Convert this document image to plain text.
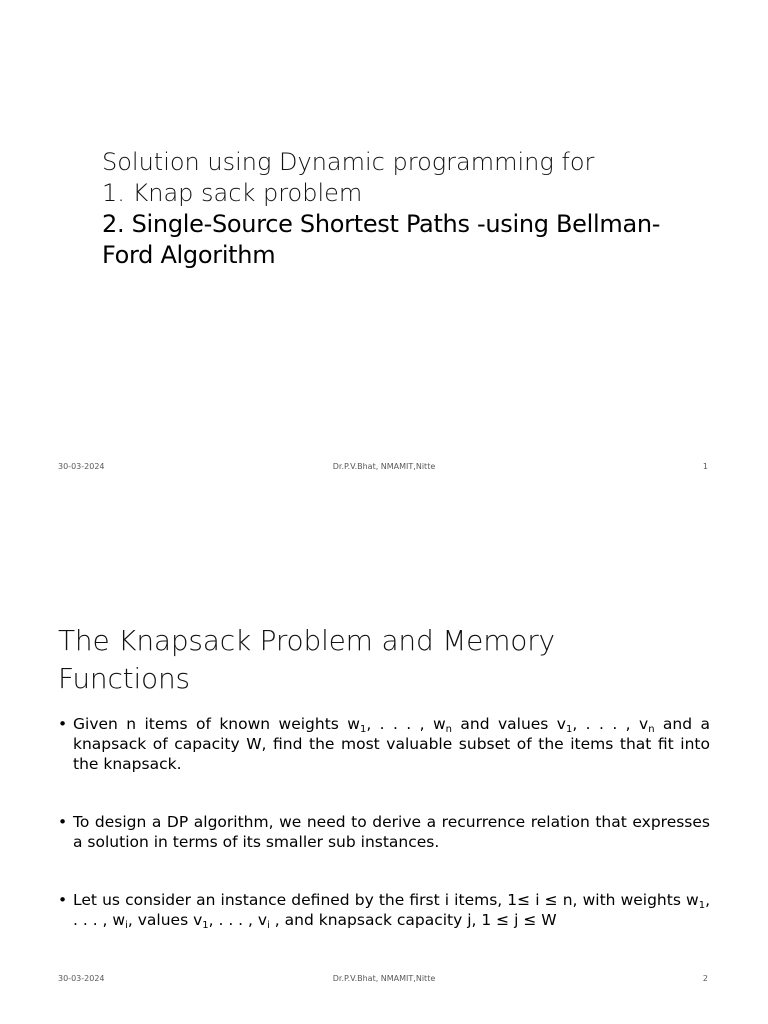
Solution using Dynamic programming for
1. Knap sack problem
2. Single-Source Shortest Paths -using Bellman-
Ford Algorithm
30-03-2024	Dr.P.V.Bhat, NMAMIT,Nitte	1
The Knapsack Problem and Memory
Functions
• Given n items of known weights $w_1$, . . . , $w_n$ and values $v_1$, . . . , $v_n$ and a knapsack of capacity W, find the most valuable subset of the items that fit into the knapsack.
• To design a DP algorithm, we need to derive a recurrence relation that expresses a solution in terms of its smaller sub instances.
• Let us consider an instance defined by the first i items, 1≤ i ≤ n, with weights $w_1$, . . . , $w_i$, values $v_1$, . . . , $v_i$ , and knapsack capacity j, 1 ≤ j ≤ W
30-03-2024	Dr.P.V.Bhat, NMAMIT,Nitte	2
